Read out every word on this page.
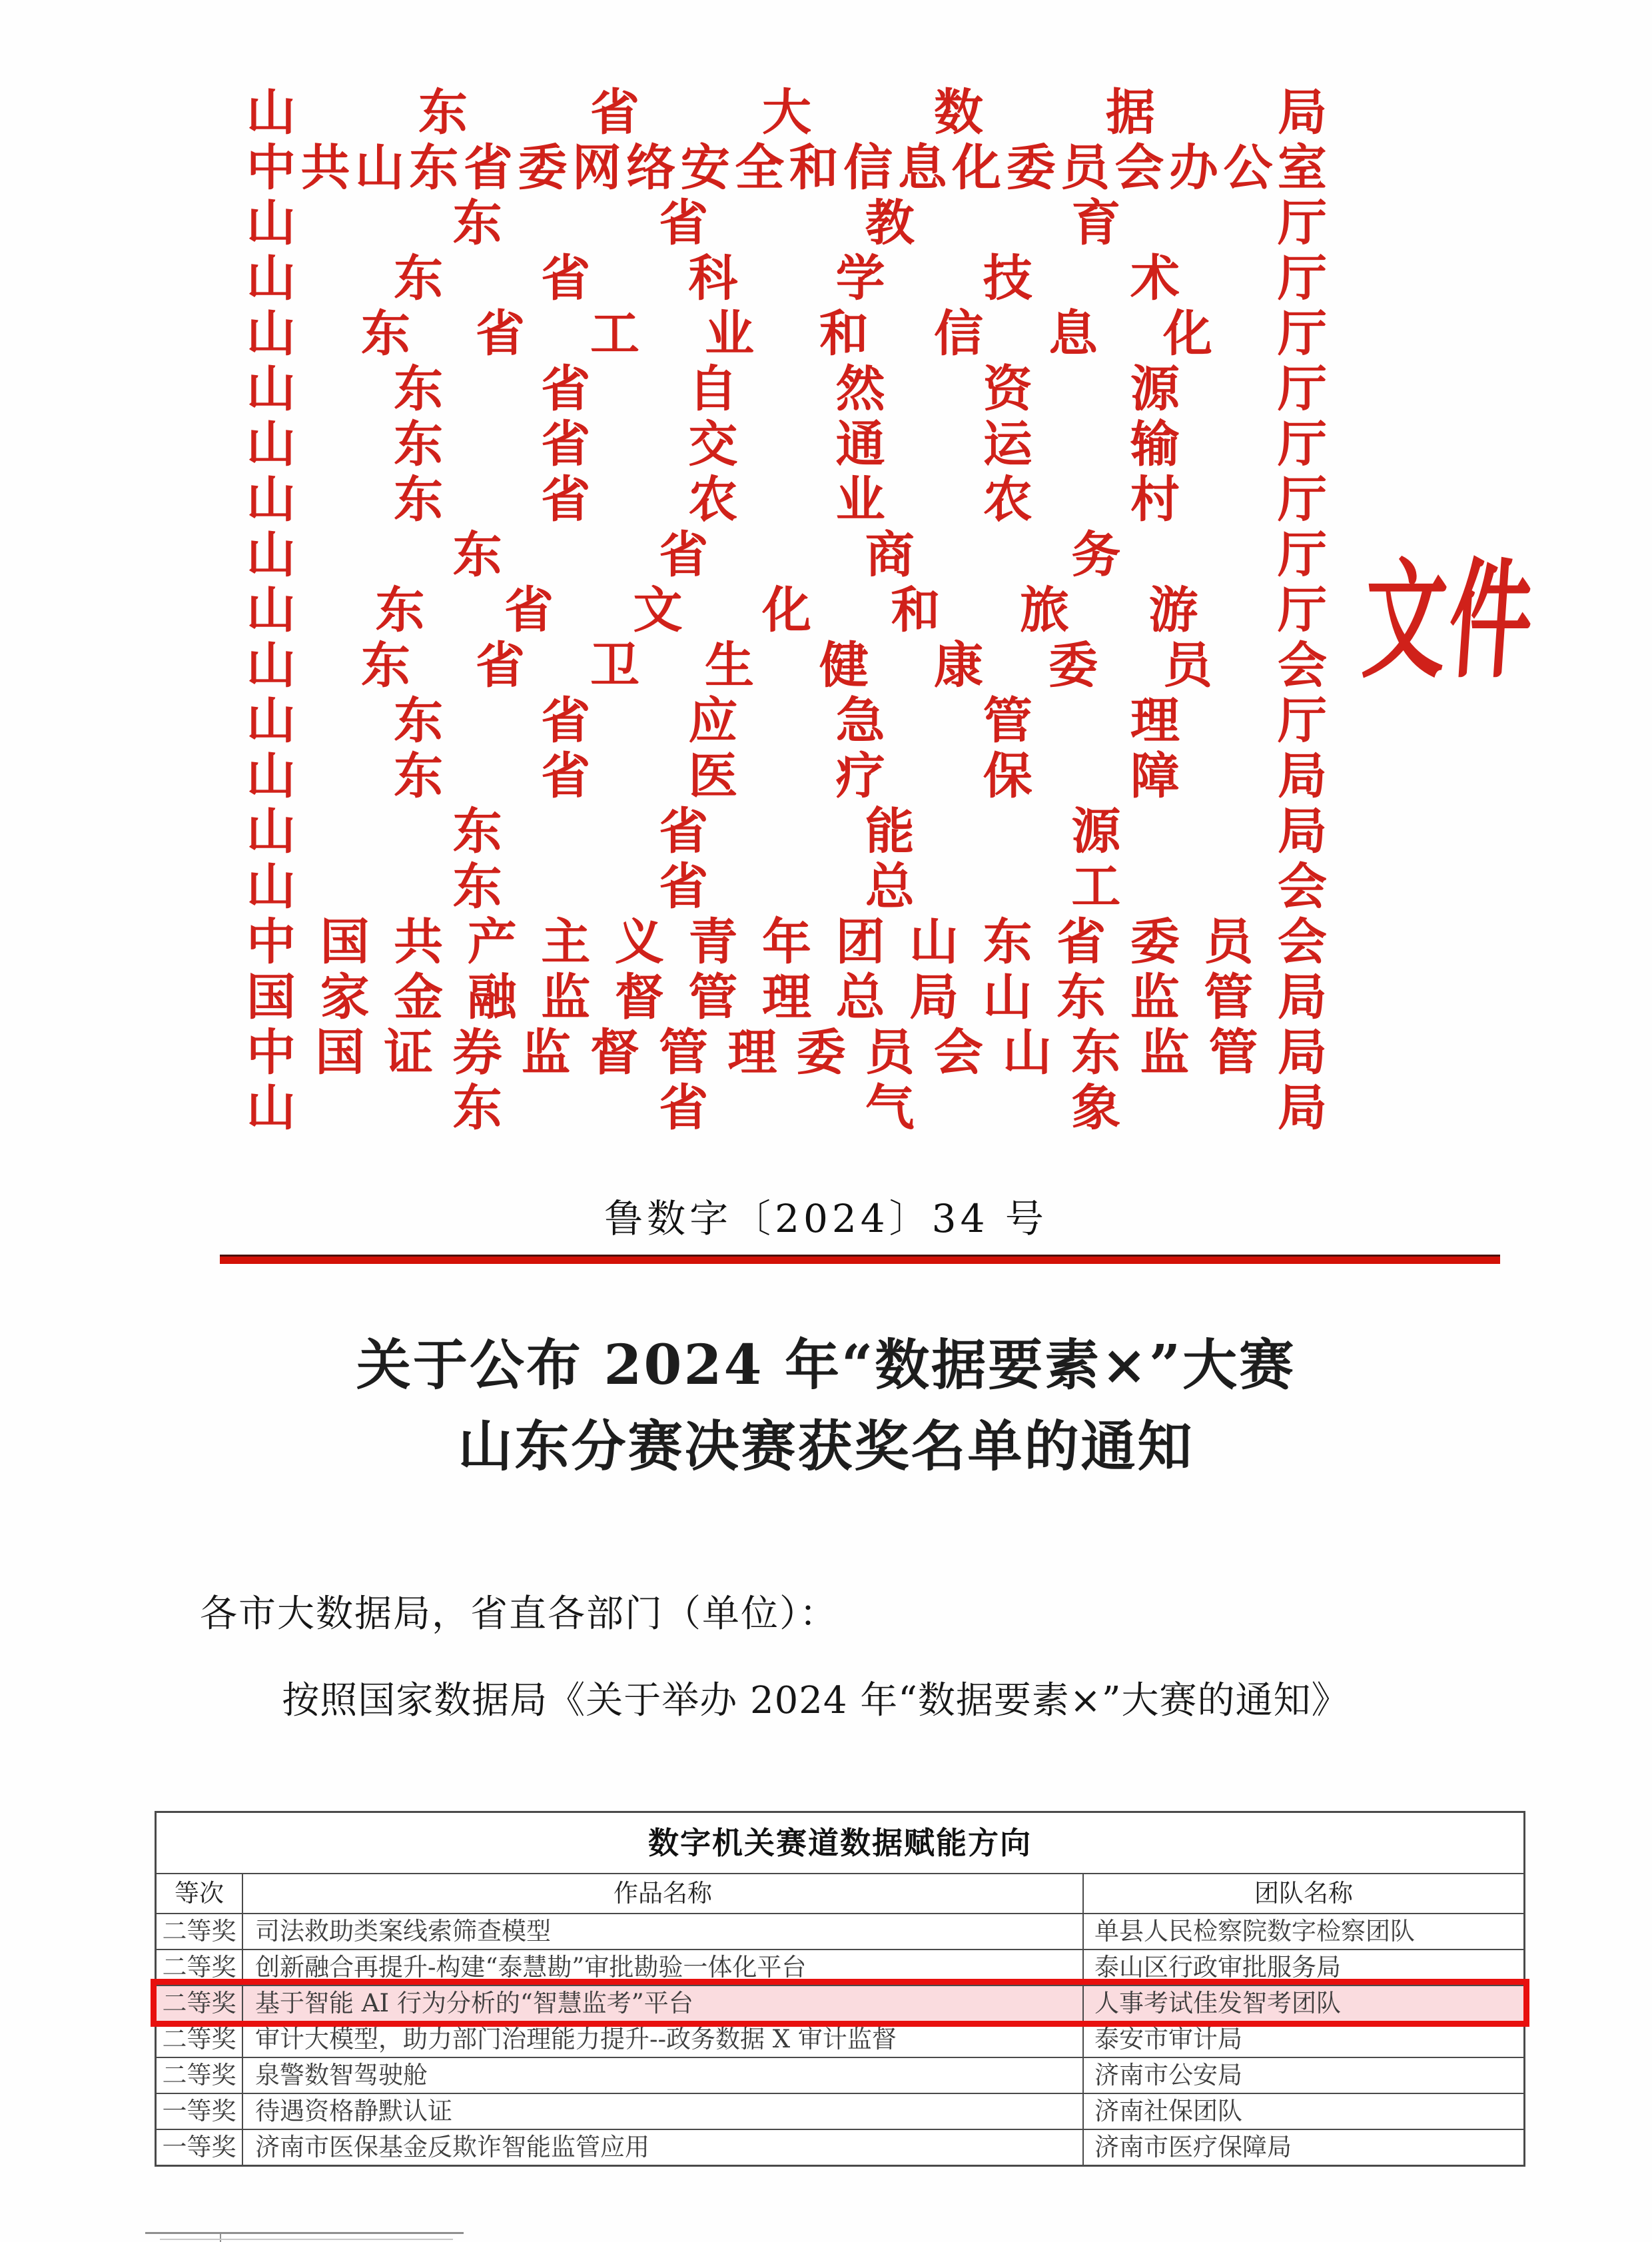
山 东 省 大 数 据 局
中 共 山 东 省 委 网 络 安 全 和 信 息 化 委 员 会 办 公 室
山	东	省	教	育	厅
山 东 省 科 学 技 术 厅
山 东 省 工 业 和 信 息 化 厅
山 东 省 自 然 资 源 厅
山 东 省 交 通 运 输 厅
山 东 省 农 业 农 村 厅
山	东	省	商	务	厅
山 东 省 文 化 和 旅 游 厅
山 东 省 卫 生 健 康 委 员 会
山 东 省 应 急 管 理 厅
山 东 省 医 疗 保 障 局
山	东	省	能	源	局
山	东	省	总	工	会
中 国 共 产 主 义 青 年 团 山 东 省 委 员 会
国 家 金 融 监 督 管 理 总 局 山 东 监 管 局
中 国 证 券 监 督 管 理 委 员 会 山 东 监 管 局
山	东	省	气	象	局
文件
鲁数字〔2024〕34 号
关于公布 2024 年“数据要素×”大赛
山东分赛决赛获奖名单的通知
各市大数据局，省直各部门（单位）：
按照国家数据局《关于举办 2024 年“数据要素×”大赛的通知》
数字机关赛道数据赋能方向
等次	作品名称	团队名称
二等奖 司法救助类案线索筛查模型	单县人民检察院数字检察团队
二等奖 创新融合再提升-构建“泰慧勘”审批勘验一体化平台	泰山区行政审批服务局
二等奖 基于智能 AI 行为分析的“智慧监考”平台	人事考试佳发智考团队
二等奖 审计大模型，助力部门治理能力提升--政务数据 X 审计监督	泰安市审计局
二等奖 泉警数智驾驶舱	济南市公安局
一等奖 待遇资格静默认证	济南社保团队
一等奖 济南市医保基金反欺诈智能监管应用	济南市医疗保障局
